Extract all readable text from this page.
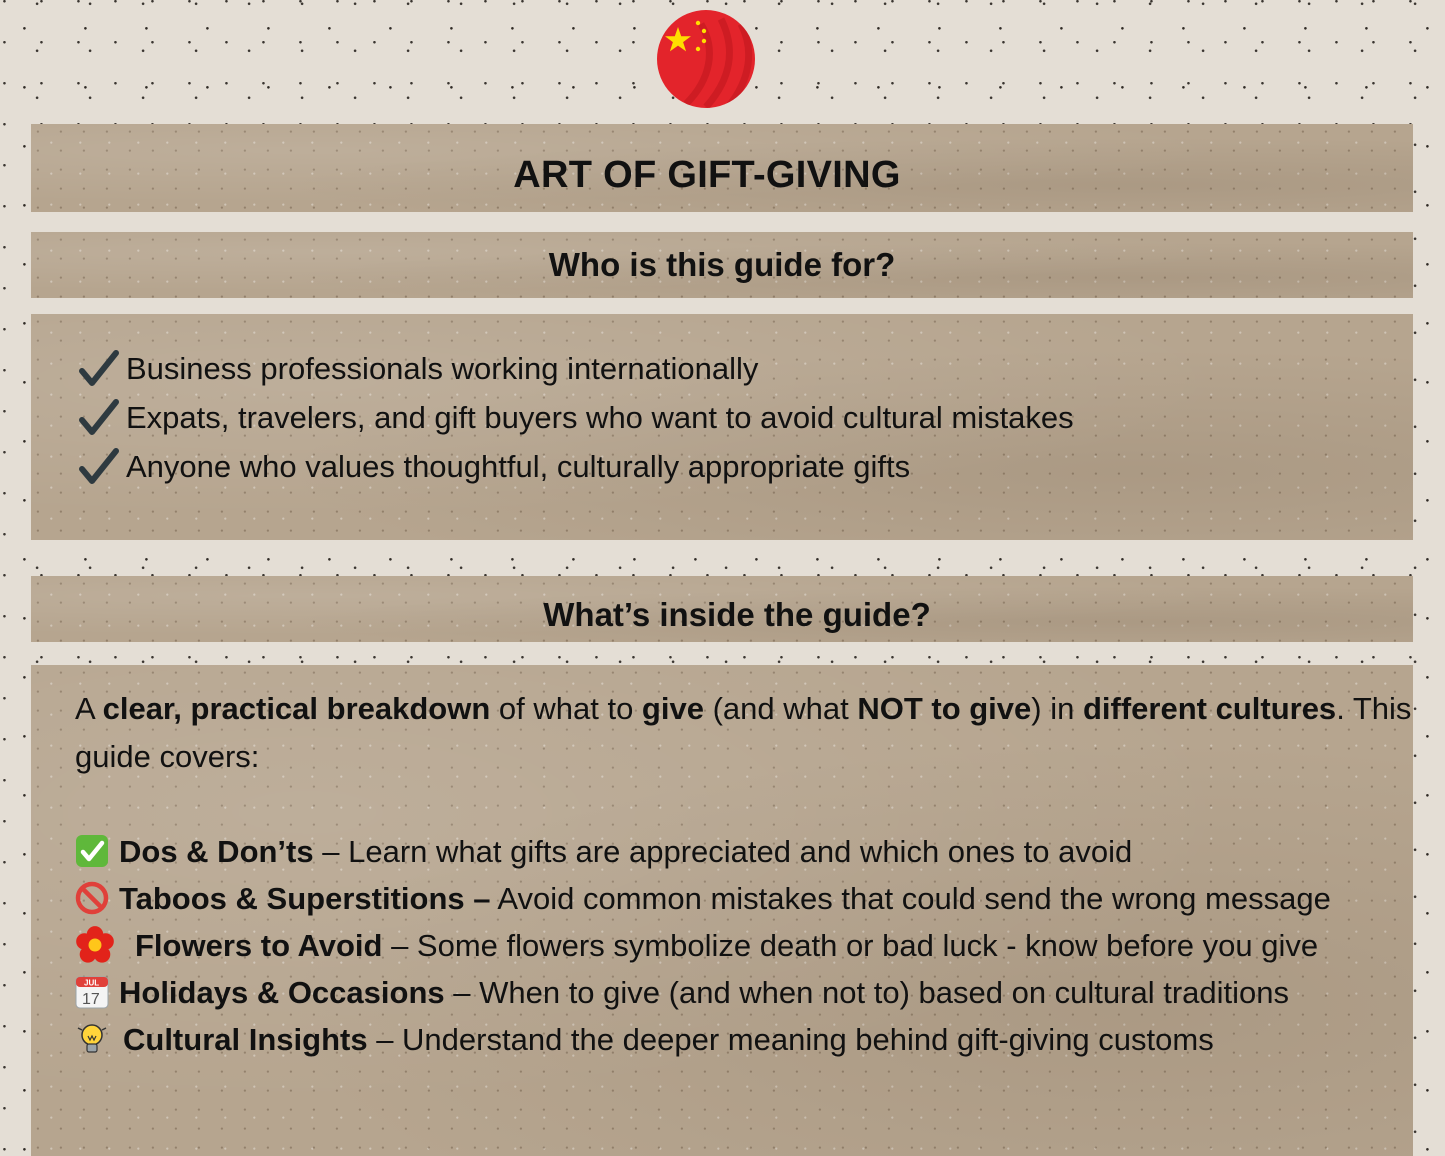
ART OF GIFT-GIVING
Who is this guide for?
Business professionals working internationally
Expats, travelers, and gift buyers who want to avoid cultural mistakes
Anyone who values thoughtful, culturally appropriate gifts
What’s inside the guide?
A clear, practical breakdown of what to give (and what NOT to give) in different cultures. This guide covers:
Dos & Don’ts – Learn what gifts are appreciated and which ones to avoid
Taboos & Superstitions – Avoid common mistakes that could send the wrong message
Flowers to Avoid – Some flowers symbolize death or bad luck - know before you give
JUL
17 Holidays & Occasions – When to give (and when not to) based on cultural traditions
Cultural Insights – Understand the deeper meaning behind gift-giving customs
